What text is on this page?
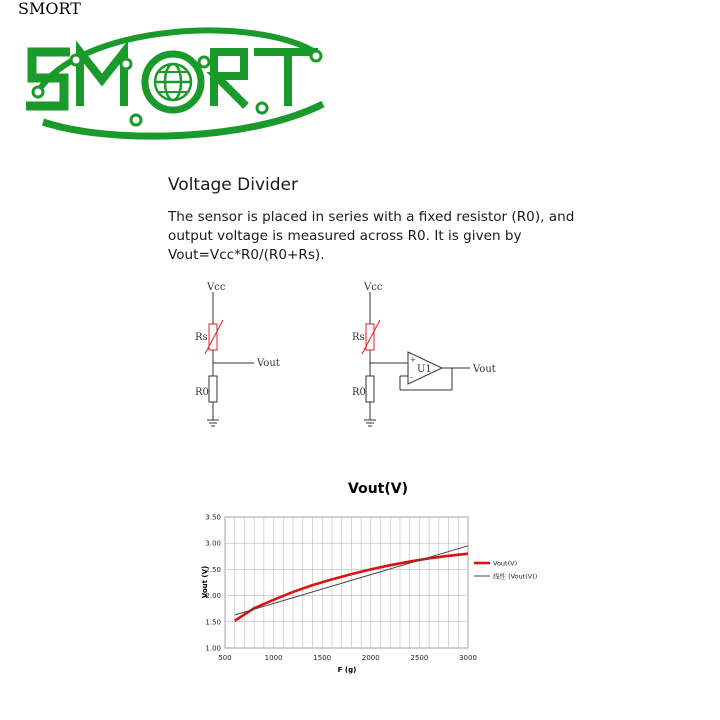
SMORT
Voltage Divider
The sensor is placed in series with a fixed resistor (R0), and
output voltage is measured across R0. It is given by
Vout=Vcc*R0/(R0+Rs).
Vcc
Rs
Vout
R0
Vcc
Rs
U1
+
-
Vout
R0
Vout(V)
500	1000	1500	2000	2500	3000
1.00
1.50
2.00
2.50
3.00
3.50
F (g)
Vout (V)
Vout(V)
线性 (Vout(V))
